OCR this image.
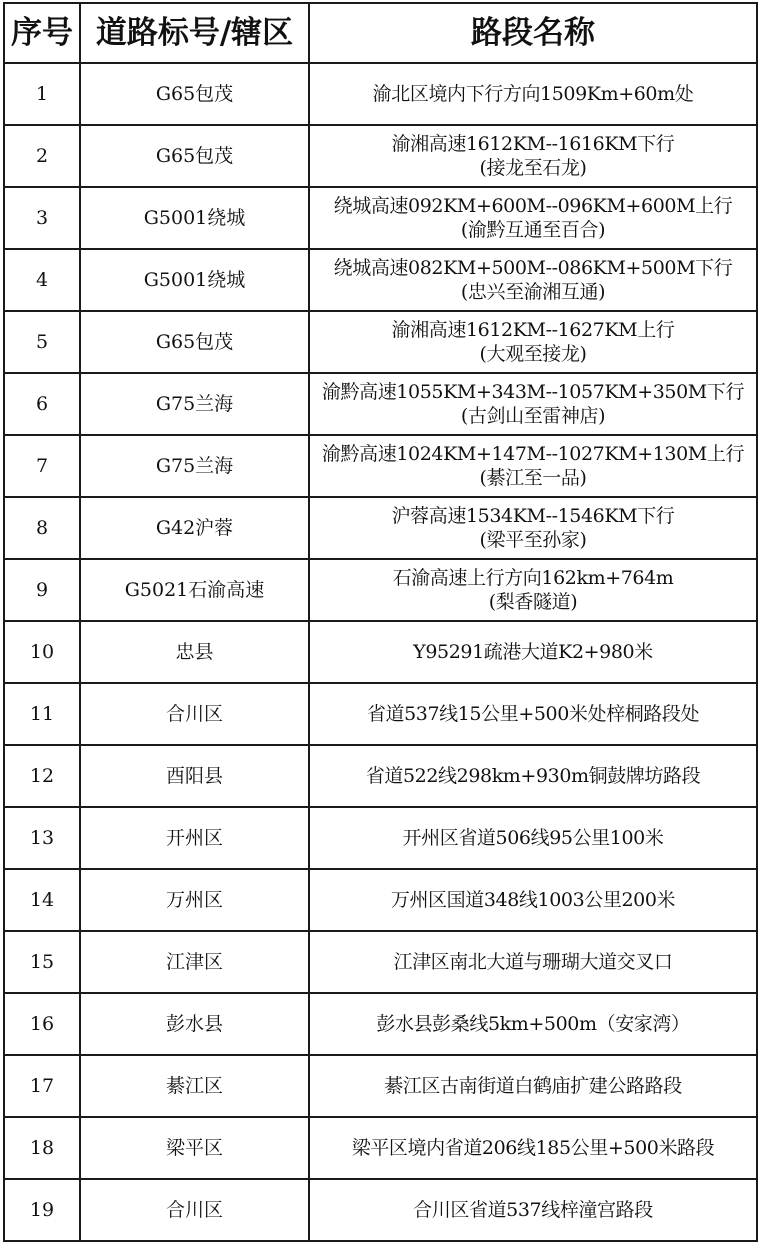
序号	道路标号/辖区	路段名称
1	G65包茂	渝北区境内下行方向1509Km+60m处

2	G65包茂	渝湘高速1612KM--1616KM下行
(接龙至石龙)

3	G5001绕城	绕城高速092KM+600M--096KM+600M上行
(渝黔互通至百合)

4	G5001绕城	绕城高速082KM+500M--086KM+500M下行
(忠兴至渝湘互通)

5	G65包茂	渝湘高速1612KM--1627KM上行
(大观至接龙)

6	G75兰海	渝黔高速1055KM+343M--1057KM+350M下行
(古剑山至雷神店)

7	G75兰海	渝黔高速1024KM+147M--1027KM+130M上行
(綦江至一品)

8	G42沪蓉	沪蓉高速1534KM--1546KM下行
(梁平至孙家)

9	G5021石渝高速	石渝高速上行方向162km+764m
(梨香隧道)

10	忠县	Y95291疏港大道K2+980米

11	合川区	省道537线15公里+500米处梓桐路段处

12	酉阳县	省道522线298km+930m铜鼓牌坊路段

13	开州区	开州区省道506线95公里100米

14	万州区	万州区国道348线1003公里200米

15	江津区	江津区南北大道与珊瑚大道交叉口

16	彭水县	彭水县彭桑线5km+500m（安家湾）

17	綦江区	綦江区古南街道白鹤庙扩建公路路段

18	梁平区	梁平区境内省道206线185公里+500米路段

19	合川区	合川区省道537线梓潼宫路段
